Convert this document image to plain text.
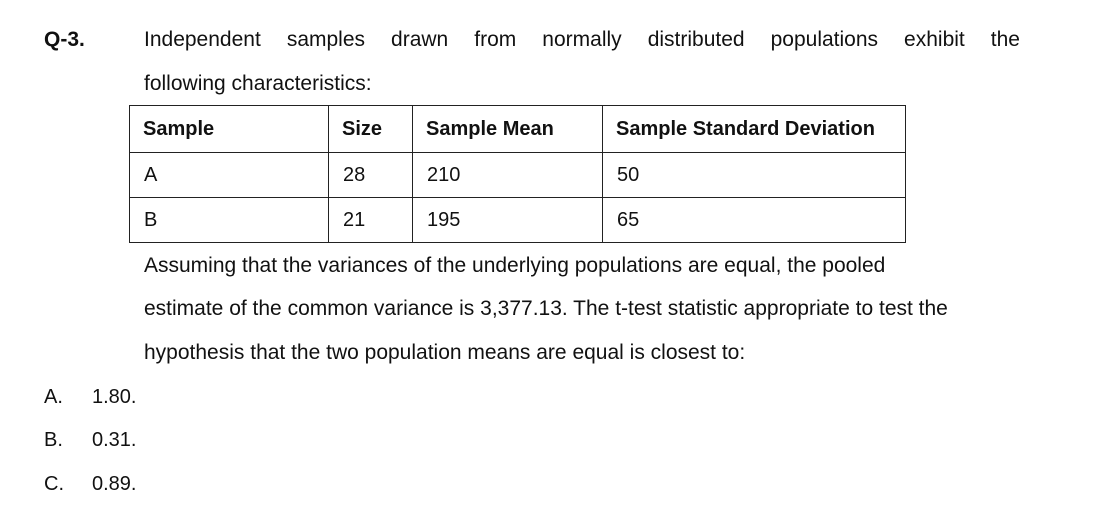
Q-3.	Independent samples drawn from normally distributed populations exhibit the
following characteristics:
Sample	Size	Sample Mean	Sample Standard Deviation
A	28	210	50
B	21	195	65
Assuming that the variances of the underlying populations are equal, the pooled
estimate of the common variance is 3,377.13. The t-test statistic appropriate to test the
hypothesis that the two population means are equal is closest to:
A. 1.80.
B. 0.31.
C. 0.89.
